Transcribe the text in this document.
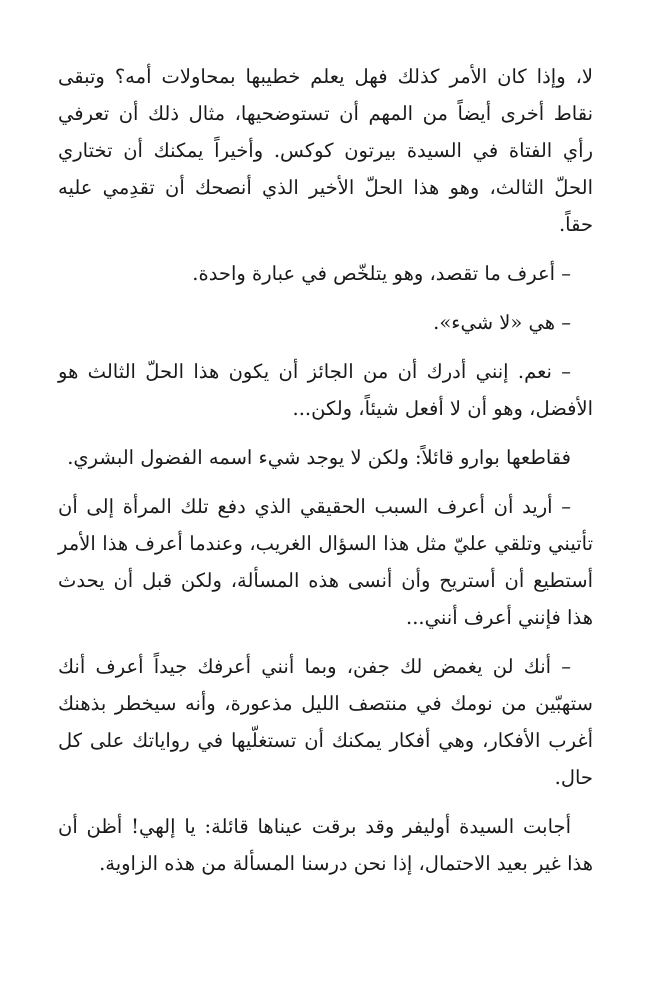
لا، وإذا كان الأمر كذلك فهل يعلم خطيبها بمحاولات أمه؟ وتبقى نقاط أخرى أيضاً من المهم أن تستوضحيها، مثال ذلك أن تعرفي رأي الفتاة في السيدة بيرتون كوكس. وأخيراً يمكنك أن تختاري الحلّ الثالث، وهو هذا الحلّ الأخير الذي أنصحك أن تقدِمي عليه حقاً.

– أعرف ما تقصد، وهو يتلخّص في عبارة واحدة.

– هي «لا شيء».

– نعم. إنني أدرك أن من الجائز أن يكون هذا الحلّ الثالث هو الأفضل، وهو أن لا أفعل شيئاً، ولكن...

فقاطعها بوارو قائلاً: ولكن لا يوجد شيء اسمه الفضول البشري.

– أريد أن أعرف السبب الحقيقي الذي دفع تلك المرأة إلى أن تأتيني وتلقي عليّ مثل هذا السؤال الغريب، وعندما أعرف هذا الأمر أستطيع أن أستريح وأن أنسى هذه المسألة، ولكن قبل أن يحدث هذا فإنني أعرف أنني...

– أنك لن يغمض لك جفن، وبما أنني أعرفك جيداً أعرف أنك ستهبّين من نومك في منتصف الليل مذعورة، وأنه سيخطر بذهنك أغرب الأفكار، وهي أفكار يمكنك أن تستغلّيها في رواياتك على كل حال.

أجابت السيدة أوليفر وقد برقت عيناها قائلة: يا إلهي! أظن أن هذا غير بعيد الاحتمال، إذا نحن درسنا المسألة من هذه الزاوية.
